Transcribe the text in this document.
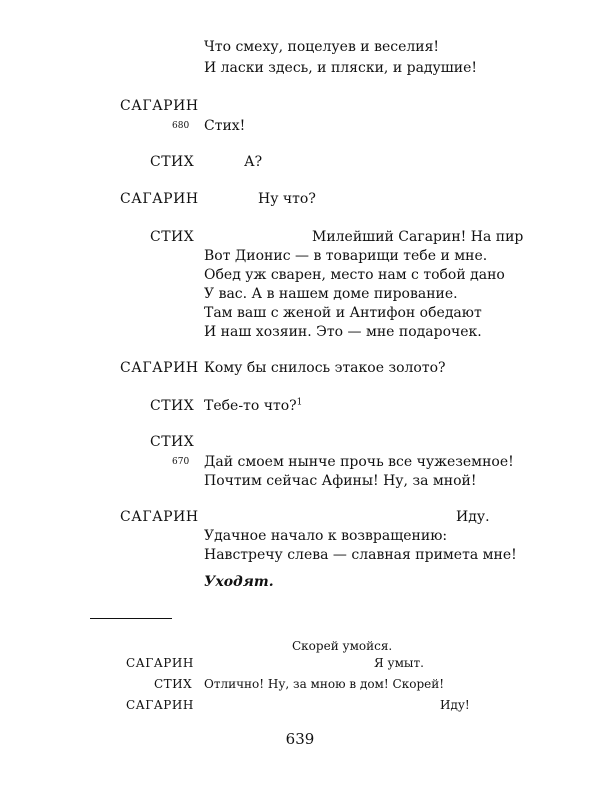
Что смеху, поцелуев и веселия!
И ласки здесь, и пляски, и радушие!
САГАРИН
680 Стих!
СТИХ	А?
САГАРИН	Ну что?
СТИХ	Милейший Сагарин! На пир
Вот Дионис — в товарищи тебе и мне.
Обед уж сварен, место нам с тобой дано
У вас. А в нашем доме пирование.
Там ваш с женой и Антифон обедают
И наш хозяин. Это — мне подарочек.
САГАРИН Кому бы снилось этакое золото?
СТИХ Тебе-то что?$^1$
СТИХ
670 Дай смоем нынче прочь все чужеземное!
Почтим сейчас Афины! Ну, за мной!
САГАРИН	Иду.
Удачное начало к возвращению:
Навстречу слева — славная примета мне!
Уходят.
Скорей умойся.
САГАРИН	Я умыт.
СТИХ Отлично! Ну, за мною в дом! Скорей!
САГАРИН	Иду!
639
